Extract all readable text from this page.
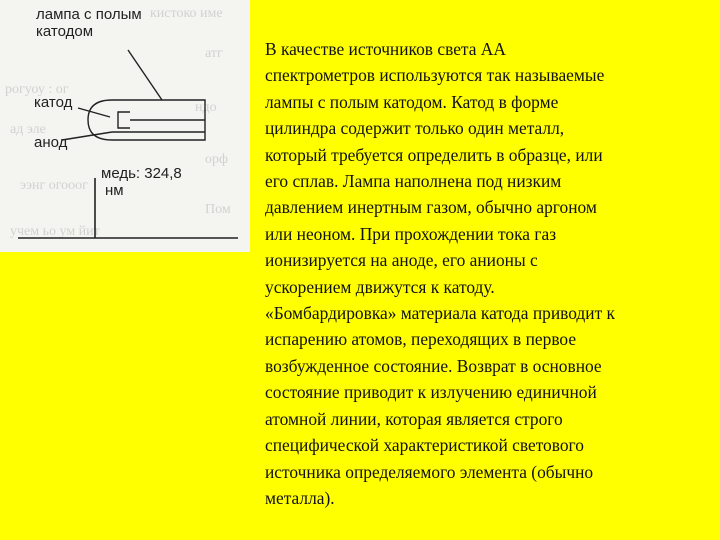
кистоко име
атг
рогуоу : ог
ндо
ад эле
орф
ээнг огооог
Пом
учем ьо ум йит
лампа с полым
катодом
катод
анод
медь: 324,8
нм
В качестве источников света АА
спектрометров используются так называемые
лампы с полым катодом. Катод в форме
цилиндра содержит только один металл,
который требуется определить в образце, или
его сплав. Лампа наполнена под низким
давлением инертным газом, обычно аргоном
или неоном. При прохождении тока газ
ионизируется на аноде, его анионы с
ускорением движутся к катоду.
«Бомбардировка» материала катода приводит к
испарению атомов, переходящих в первое
возбужденное состояние. Возврат в основное
состояние приводит к излучению единичной
атомной линии, которая является строго
специфической характеристикой светового
источника определяемого элемента (обычно
металла).
